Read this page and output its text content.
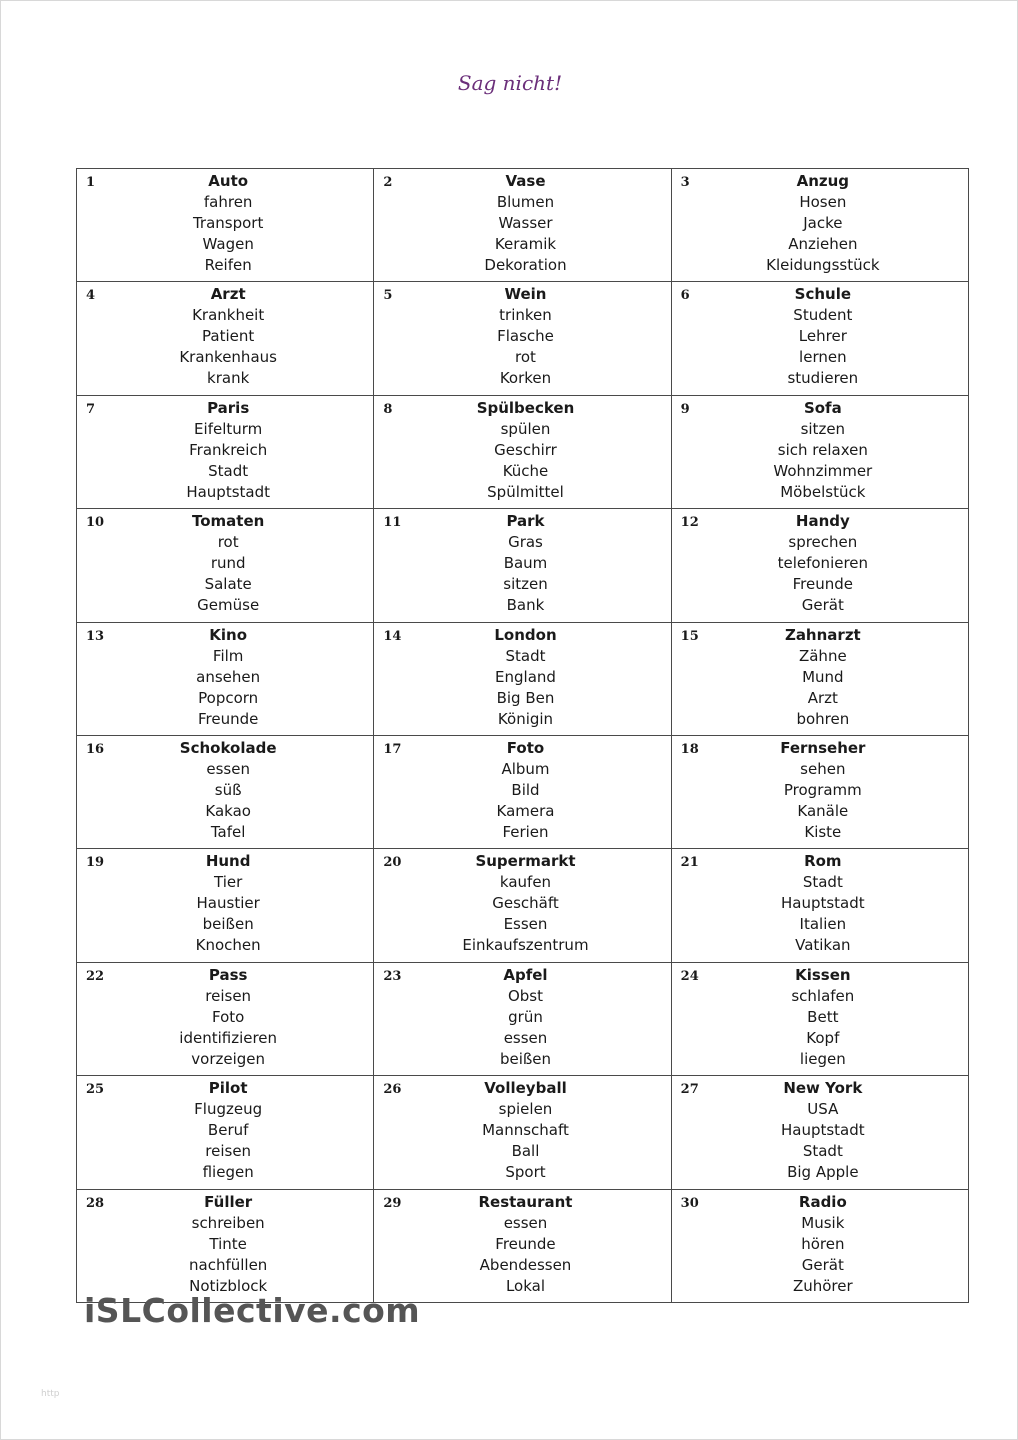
Sag nicht!
1	Auto
fahren
Transport
Wagen
Reifen
2	Vase
Blumen
Wasser
Keramik
Dekoration
3	Anzug
Hosen
Jacke
Anziehen
Kleidungsstück
4	Arzt
Krankheit
Patient
Krankenhaus
krank
5	Wein
trinken
Flasche
rot
Korken
6	Schule
Student
Lehrer
lernen
studieren
7	Paris
Eifelturm
Frankreich
Stadt
Hauptstadt
8	Spülbecken
spülen
Geschirr
Küche
Spülmittel
9	Sofa
sitzen
sich relaxen
Wohnzimmer
Möbelstück
10	Tomaten
rot
rund
Salate
Gemüse
11	Park
Gras
Baum
sitzen
Bank
12	Handy
sprechen
telefonieren
Freunde
Gerät
13	Kino
Film
ansehen
Popcorn
Freunde
14	London
Stadt
England
Big Ben
Königin
15	Zahnarzt
Zähne
Mund
Arzt
bohren
16	Schokolade
essen
süß
Kakao
Tafel
17	Foto
Album
Bild
Kamera
Ferien
18	Fernseher
sehen
Programm
Kanäle
Kiste
19	Hund
Tier
Haustier
beißen
Knochen
20	Supermarkt
kaufen
Geschäft
Essen
Einkaufszentrum
21	Rom
Stadt
Hauptstadt
Italien
Vatikan
22	Pass
reisen
Foto
identifizieren
vorzeigen
23	Apfel
Obst
grün
essen
beißen
24	Kissen
schlafen
Bett
Kopf
liegen
25	Pilot
Flugzeug
Beruf
reisen
fliegen
26	Volleyball
spielen
Mannschaft
Ball
Sport
27	New York
USA
Hauptstadt
Stadt
Big Apple
28	Füller
schreiben
Tinte
nachfüllen
Notizblock
29	Restaurant
essen
Freunde
Abendessen
Lokal
30	Radio
Musik
hören
Gerät
Zuhörer
iSLCollective.com
http
